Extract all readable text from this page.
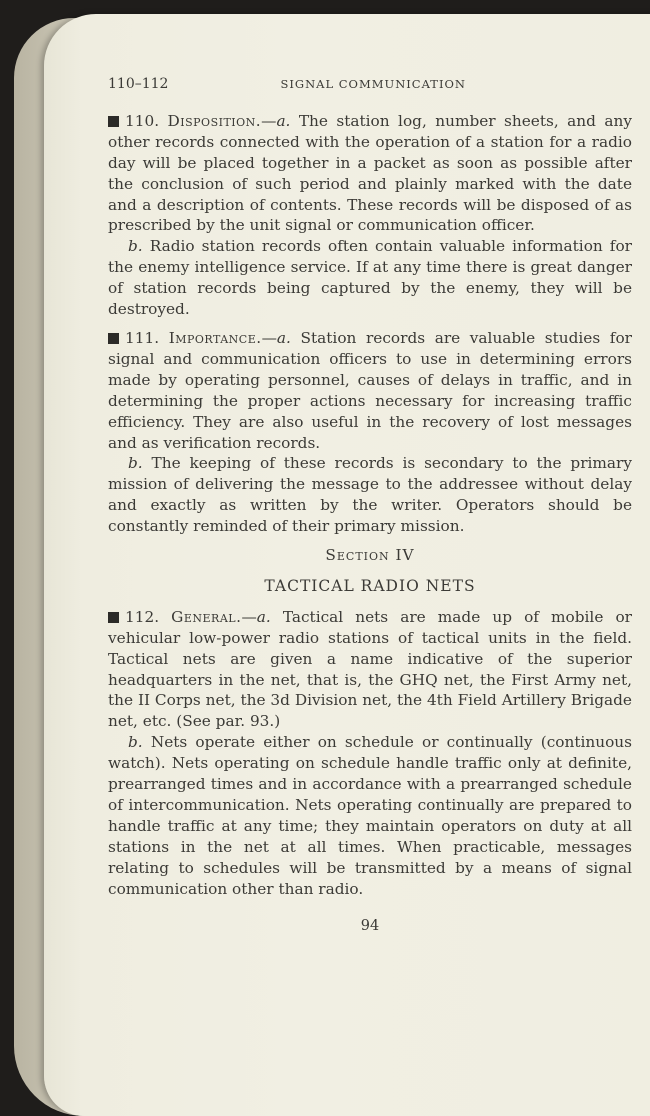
110–112	SIGNAL COMMUNICATION

110. Disposition.—a. The station log, number sheets, and any other records connected with the operation of a station for a radio day will be placed together in a packet as soon as possible after the conclusion of such period and plainly marked with the date and a description of contents. These records will be disposed of as prescribed by the unit signal or communication officer.

b. Radio station records often contain valuable information for the enemy intelligence service. If at any time there is great danger of station records being captured by the enemy, they will be destroyed.

111. Importance.—a. Station records are valuable studies for signal and communication officers to use in determining errors made by operating personnel, causes of delays in traffic, and in determining the proper actions necessary for increasing traffic efficiency. They are also useful in the recovery of lost messages and as verification records.

b. The keeping of these records is secondary to the primary mission of delivering the message to the addressee without delay and exactly as written by the writer. Operators should be constantly reminded of their primary mission.

Section IV
TACTICAL RADIO NETS

112. General.—a. Tactical nets are made up of mobile or vehicular low-power radio stations of tactical units in the field. Tactical nets are given a name indicative of the superior headquarters in the net, that is, the GHQ net, the First Army net, the II Corps net, the 3d Division net, the 4th Field Artillery Brigade net, etc. (See par. 93.)

b. Nets operate either on schedule or continually (continuous watch). Nets operating on schedule handle traffic only at definite, prearranged times and in accordance with a prearranged schedule of intercommunication. Nets operating continually are prepared to handle traffic at any time; they maintain operators on duty at all stations in the net at all times. When practicable, messages relating to schedules will be transmitted by a means of signal communication other than radio.

94
